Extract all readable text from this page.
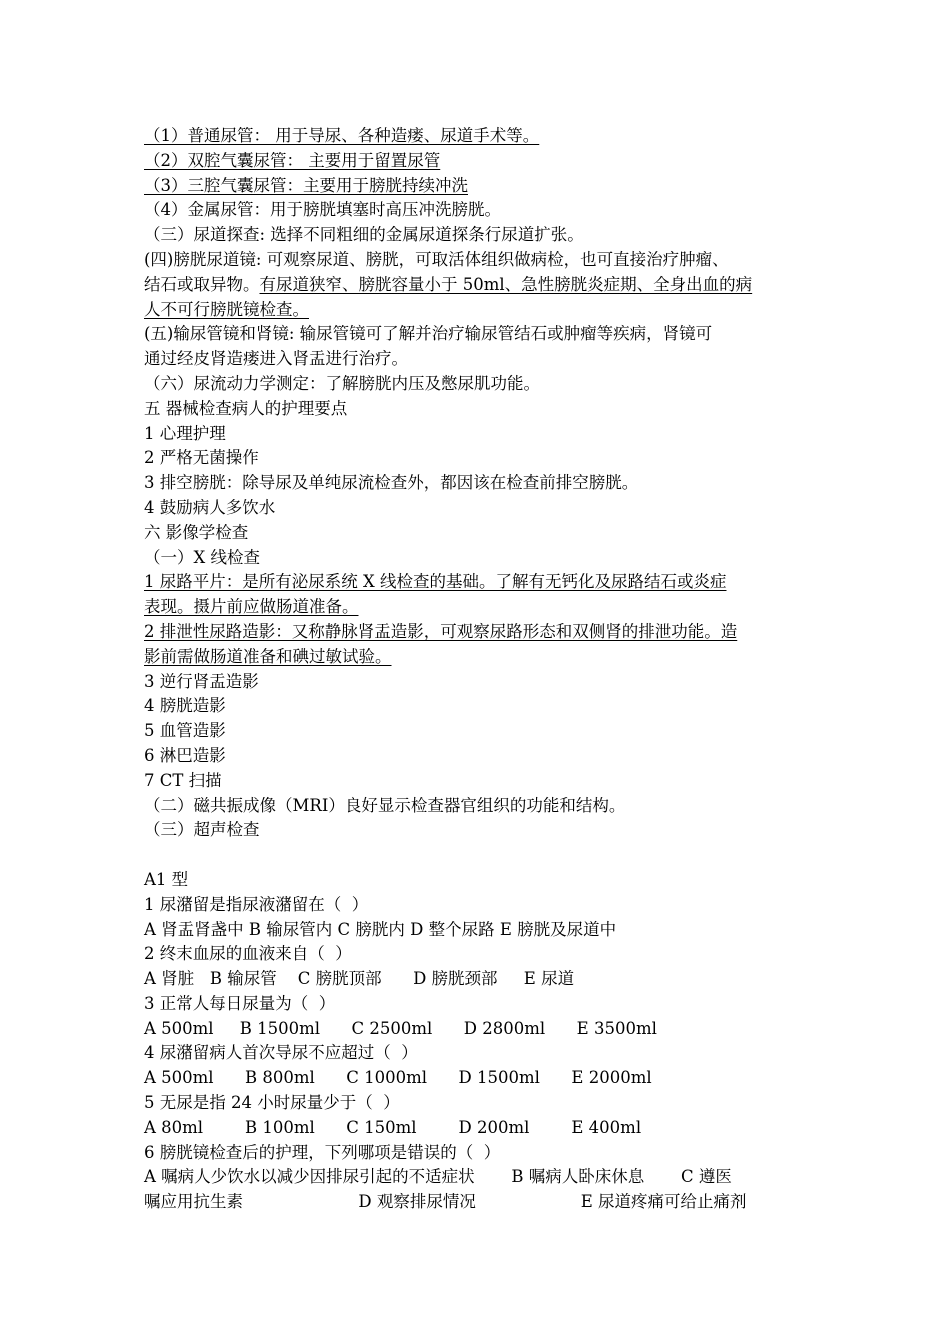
（1）普通尿管： 用于导尿、各种造瘘、尿道手术等。
（2）双腔气囊尿管： 主要用于留置尿管
（3）三腔气囊尿管：主要用于膀胱持续冲洗
（4）金属尿管：用于膀胱填塞时高压冲洗膀胱。
（三）尿道探查: 选择不同粗细的金属尿道探条行尿道扩张。
(四)膀胱尿道镜: 可观察尿道、膀胱，可取活体组织做病检，也可直接治疗肿瘤、
结石或取异物。有尿道狭窄、膀胱容量小于 50ml、急性膀胱炎症期、全身出血的病
人不可行膀胱镜检查。
(五)输尿管镜和肾镜: 输尿管镜可了解并治疗输尿管结石或肿瘤等疾病，肾镜可
通过经皮肾造瘘进入肾盂进行治疗。
（六）尿流动力学测定：了解膀胱内压及憋尿肌功能。
五 器械检查病人的护理要点
1 心理护理
2 严格无菌操作
3 排空膀胱：除导尿及单纯尿流检查外，都因该在检查前排空膀胱。
4 鼓励病人多饮水
六 影像学检查
（一）X 线检查
1 尿路平片：是所有泌尿系统 X 线检查的基础。了解有无钙化及尿路结石或炎症
表现。摄片前应做肠道准备。
2 排泄性尿路造影：又称静脉肾盂造影，可观察尿路形态和双侧肾的排泄功能。造
影前需做肠道准备和碘过敏试验。
3 逆行肾盂造影
4 膀胱造影
5 血管造影
6 淋巴造影
7 CT 扫描
（二）磁共振成像（MRI）良好显示检查器官组织的功能和结构。
（三）超声检查
A1 型
1 尿潴留是指尿液潴留在（  ）
A 肾盂肾盏中 B 输尿管内 C 膀胱内 D 整个尿路 E 膀胱及尿道中
2 终末血尿的血液来自（  ）
A 肾脏   B 输尿管    C 膀胱顶部      D 膀胱颈部     E 尿道
3 正常人每日尿量为（  ）
A 500ml     B 1500ml      C 2500ml      D 2800ml      E 3500ml
4 尿潴留病人首次导尿不应超过（  ）
A 500ml      B 800ml      C 1000ml      D 1500ml      E 2000ml
5 无尿是指 24 小时尿量少于（  ）
A 80ml        B 100ml      C 150ml        D 200ml        E 400ml
6 膀胱镜检查后的护理，下列哪项是错误的（  ）
A 嘱病人少饮水以减少因排尿引起的不适症状       B 嘱病人卧床休息       C 遵医
嘱应用抗生素                      D 观察排尿情况                    E 尿道疼痛可给止痛剂
